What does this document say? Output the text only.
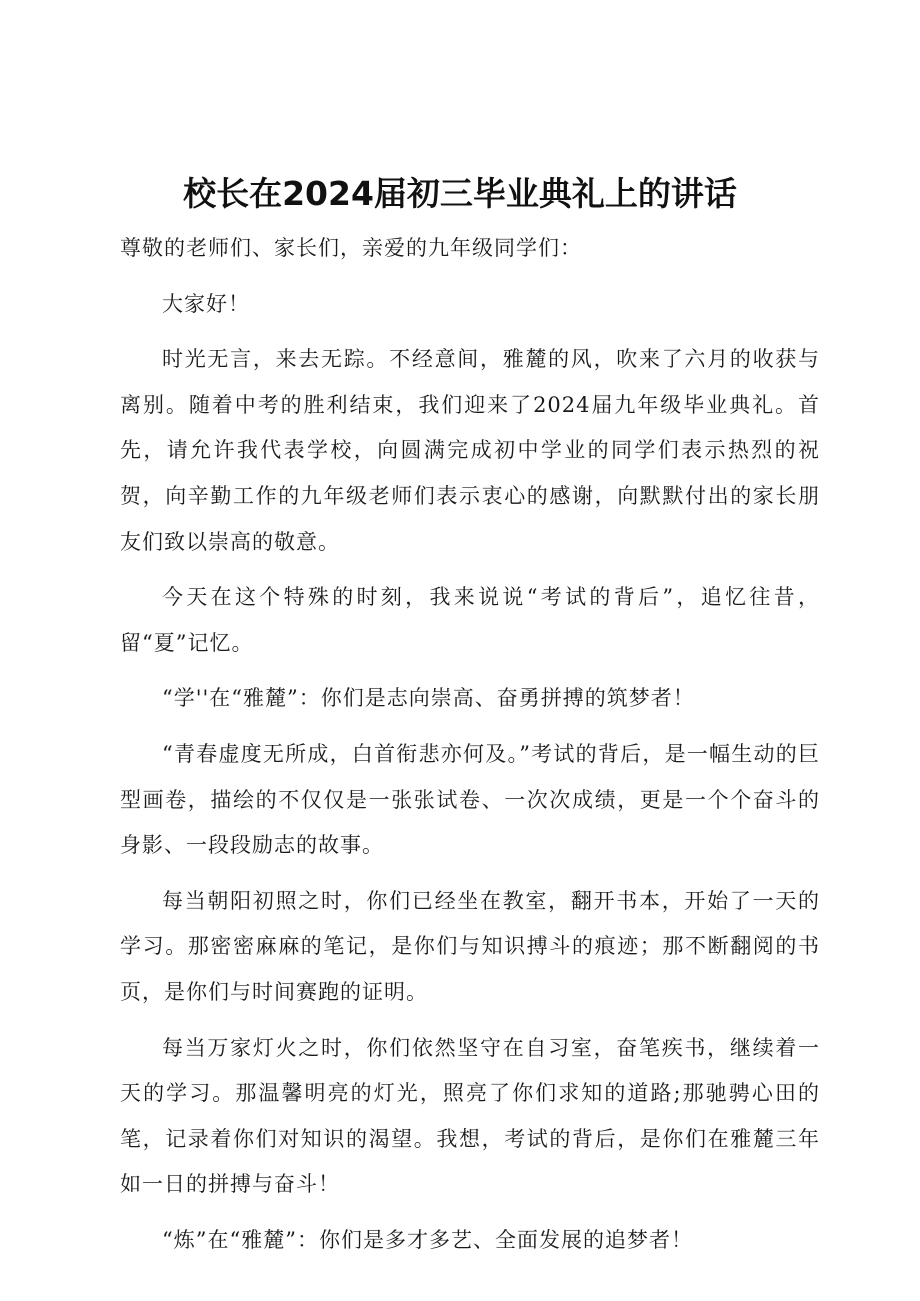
校长在2024届初三毕业典礼上的讲话

尊敬的老师们、家长们，亲爱的九年级同学们：

大家好！

时光无言，来去无踪。不经意间，雅麓的风，吹来了六月的收获与离别。随着中考的胜利结束，我们迎来了2024届九年级毕业典礼。首先，请允许我代表学校，向圆满完成初中学业的同学们表示热烈的祝贺，向辛勤工作的九年级老师们表示衷心的感谢，向默默付出的家长朋友们致以崇高的敬意。

今天在这个特殊的时刻，我来说说“考试的背后”，追忆往昔，留“夏”记忆。

“学''在“雅麓”：你们是志向崇高、奋勇拼搏的筑梦者！

“青春虚度无所成，白首衔悲亦何及。”考试的背后，是一幅生动的巨型画卷，描绘的不仅仅是一张张试卷、一次次成绩，更是一个个奋斗的身影、一段段励志的故事。

每当朝阳初照之时，你们已经坐在教室，翻开书本，开始了一天的学习。那密密麻麻的笔记，是你们与知识搏斗的痕迹；那不断翻阅的书页，是你们与时间赛跑的证明。

每当万家灯火之时，你们依然坚守在自习室，奋笔疾书，继续着一天的学习。那温馨明亮的灯光，照亮了你们求知的道路;那驰骋心田的笔，记录着你们对知识的渴望。我想，考试的背后，是你们在雅麓三年如一日的拼搏与奋斗！

“炼”在“雅麓”：你们是多才多艺、全面发展的追梦者！
